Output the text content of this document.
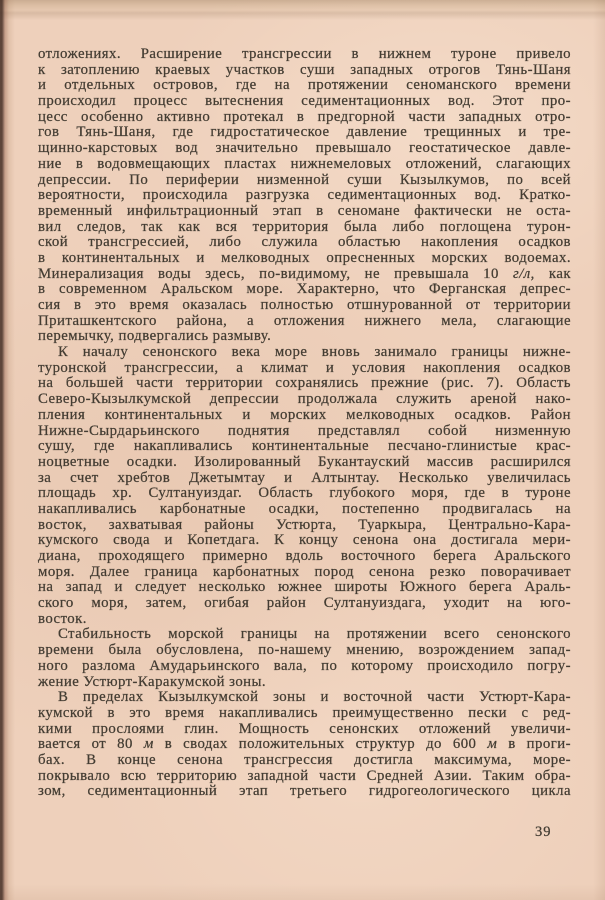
отложениях. Расширение трансгрессии в нижнем туроне привело
к затоплению краевых участков суши западных отрогов Тянь-Шаня
и отдельных островов, где на протяжении сеноманского времени
происходил процесс вытеснения седиментационных вод. Этот про-
цесс особенно активно протекал в предгорной части западных отро-
гов Тянь-Шаня, где гидростатическое давление трещинных и тре-
щинно-карстовых вод значительно превышало геостатическое давле-
ние в водовмещающих пластах нижнемеловых отложений, слагающих
депрессии. По периферии низменной суши Кызылкумов, по всей
вероятности, происходила разгрузка седиментационных вод. Кратко-
временный инфильтрационный этап в сеномане фактически не оста-
вил следов, так как вся территория была либо поглощена турон-
ской трансгрессией, либо служила областью накопления осадков
в континентальных и мелководных опресненных морских водоемах.
Минерализация воды здесь, по-видимому, не превышала 10 г/л, как
в современном Аральском море. Характерно, что Ферганская депрес-
сия в это время оказалась полностью отшнурованной от территории
Приташкентского района, а отложения нижнего мела, слагающие
перемычку, подвергались размыву.
К началу сенонского века море вновь занимало границы нижне-
туронской трансгрессии, а климат и условия накопления осадков
на большей части территории сохранялись прежние (рис. 7). Область
Северо-Кызылкумской депрессии продолжала служить ареной нако-
пления континентальных и морских мелководных осадков. Район
Нижне-Сырдарьинского поднятия представлял собой низменную
сушу, где накапливались континентальные песчано-глинистые крас-
ноцветные осадки. Изолированный Букантауский массив расширился
за счет хребтов Джетымтау и Алтынтау. Несколько увеличилась
площадь хр. Султануиздаг. Область глубокого моря, где в туроне
накапливались карбонатные осадки, постепенно продвигалась на
восток, захватывая районы Устюрта, Туаркыра, Центрально-Кара-
кумского свода и Копетдага. К концу сенона она достигала мери-
диана, проходящего примерно вдоль восточного берега Аральского
моря. Далее граница карбонатных пород сенона резко поворачивает
на запад и следует несколько южнее широты Южного берега Араль-
ского моря, затем, огибая район Султануиздага, уходит на юго-
восток.
Стабильность морской границы на протяжении всего сенонского
времени была обусловлена, по-нашему мнению, возрождением запад-
ного разлома Амударьинского вала, по которому происходило погру-
жение Устюрт-Каракумской зоны.
В пределах Кызылкумской зоны и восточной части Устюрт-Кара-
кумской в это время накапливались преимущественно пески с ред-
кими прослоями глин. Мощность сенонских отложений увеличи-
вается от 80 м в сводах положительных структур до 600 м в проги-
бах. В конце сенона трансгрессия достигла максимума, море-
покрывало всю территорию западной части Средней Азии. Таким обра-
зом, седиментационный этап третьего гидрогеологического цикла
39
